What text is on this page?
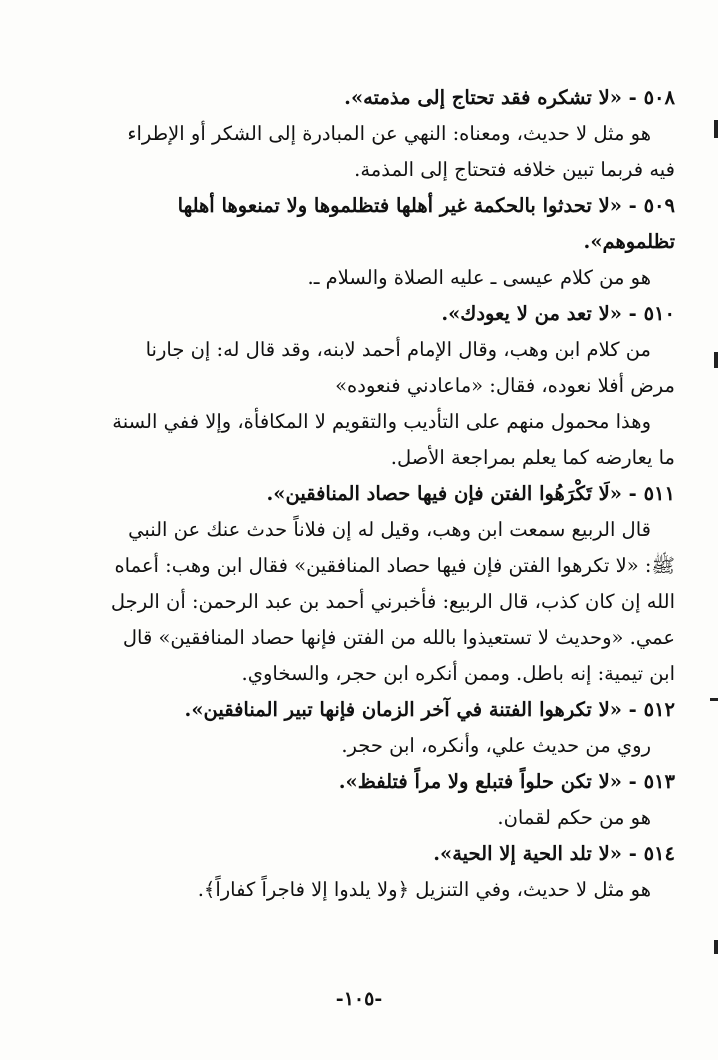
٥٠٨ - «لا تشكره فقد تحتاج إلى مذمته».
هو مثل لا حديث، ومعناه: النهي عن المبادرة إلى الشكر أو الإطراء
فيه فربما تبين خلافه فتحتاج إلى المذمة.
٥٠٩ - «لا تحدثوا بالحكمة غير أهلها فتظلموها ولا تمنعوها أهلها
تظلموهم».
هو من كلام عيسى ـ عليه الصلاة والسلام ـ.
٥١٠ - «لا تعد من لا يعودك».
من كلام ابن وهب، وقال الإمام أحمد لابنه، وقد قال له: إن جارنا
مرض أفلا نعوده، فقال: «ماعادني فنعوده»
وهذا محمول منهم على التأديب والتقويم لا المكافأة، وإلا ففي السنة
ما يعارضه كما يعلم بمراجعة الأصل.
٥١١ - «لَا تَكْرَهُوا الفتن فإن فيها حصاد المنافقين».
قال الربيع سمعت ابن وهب، وقيل له إن فلاناً حدث عنك عن النبي
ﷺ: «لا تكرهوا الفتن فإن فيها حصاد المنافقين» فقال ابن وهب: أعماه
الله إن كان كذب، قال الربيع: فأخبرني أحمد بن عبد الرحمن: أن الرجل
عمي. «وحديث لا تستعيذوا بالله من الفتن فإنها حصاد المنافقين» قال
ابن تيمية: إنه باطل. وممن أنكره ابن حجر، والسخاوي.
٥١٢ - «لا تكرهوا الفتنة في آخر الزمان فإنها تبير المنافقين».
روي من حديث علي، وأنكره، ابن حجر.
٥١٣ - «لا تكن حلواً فتبلع ولا مراً فتلفظ».
هو من حكم لقمان.
٥١٤ - «لا تلد الحية إلا الحية».
هو مثل لا حديث، وفي التنزيل ﴿ولا يلدوا إلا فاجراً كفاراً﴾.
-١٠٥-
